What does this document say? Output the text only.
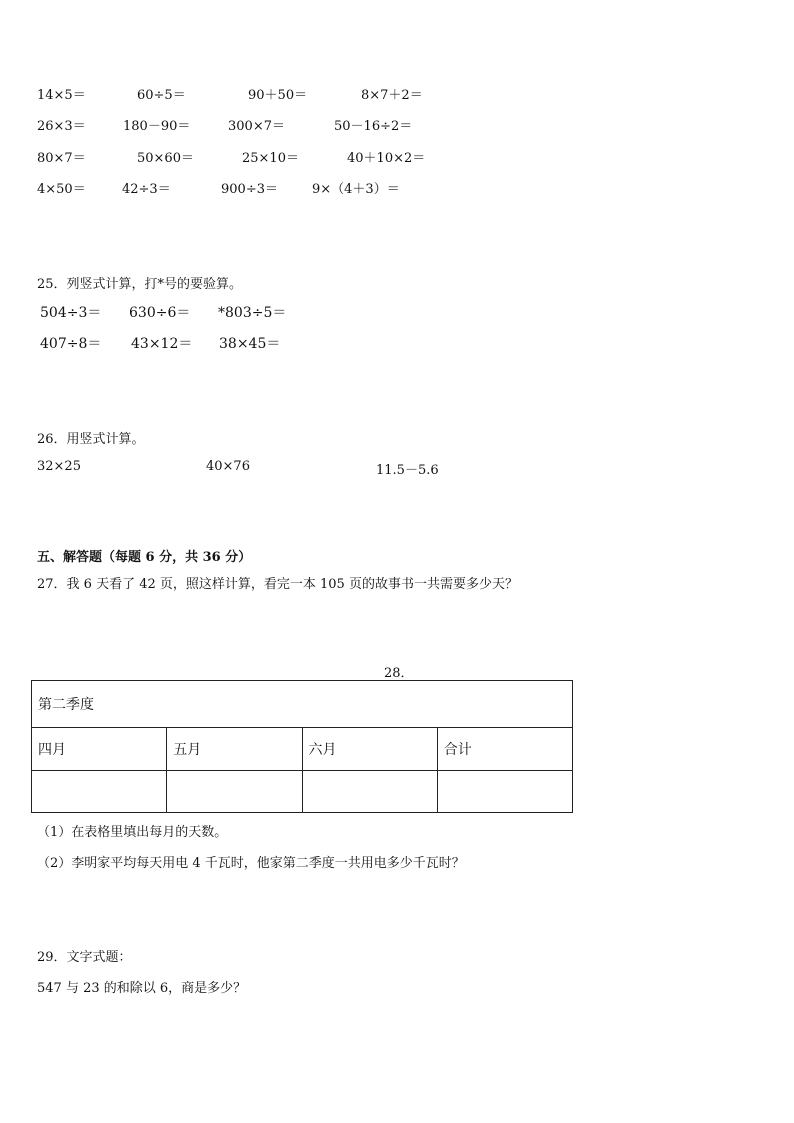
14×5＝	60÷5＝	90＋50＝	8×7＋2＝
26×3＝	180－90＝	300×7＝	50－16÷2＝
80×7＝	50×60＝	25×10＝	40＋10×2＝
4×50＝	42÷3＝	900÷3＝	9×（4＋3）＝
25．列竖式计算，打*号的要验算。
504÷3＝ 630÷6＝ *803÷5＝
407÷8＝ 43×12＝ 38×45＝
26．用竖式计算。
32×25	40×76	11.5－5.6
五、解答题（每题 6 分，共 36 分）
27．我 6 天看了 42 页，照这样计算，看完一本 105 页的故事书一共需要多少天？
28．
第二季度			
四月	五月	六月	合计

（1）在表格里填出每月的天数。
（2）李明家平均每天用电 4 千瓦时，他家第二季度一共用电多少千瓦时？
29．文字式题：
547 与 23 的和除以 6，商是多少？
